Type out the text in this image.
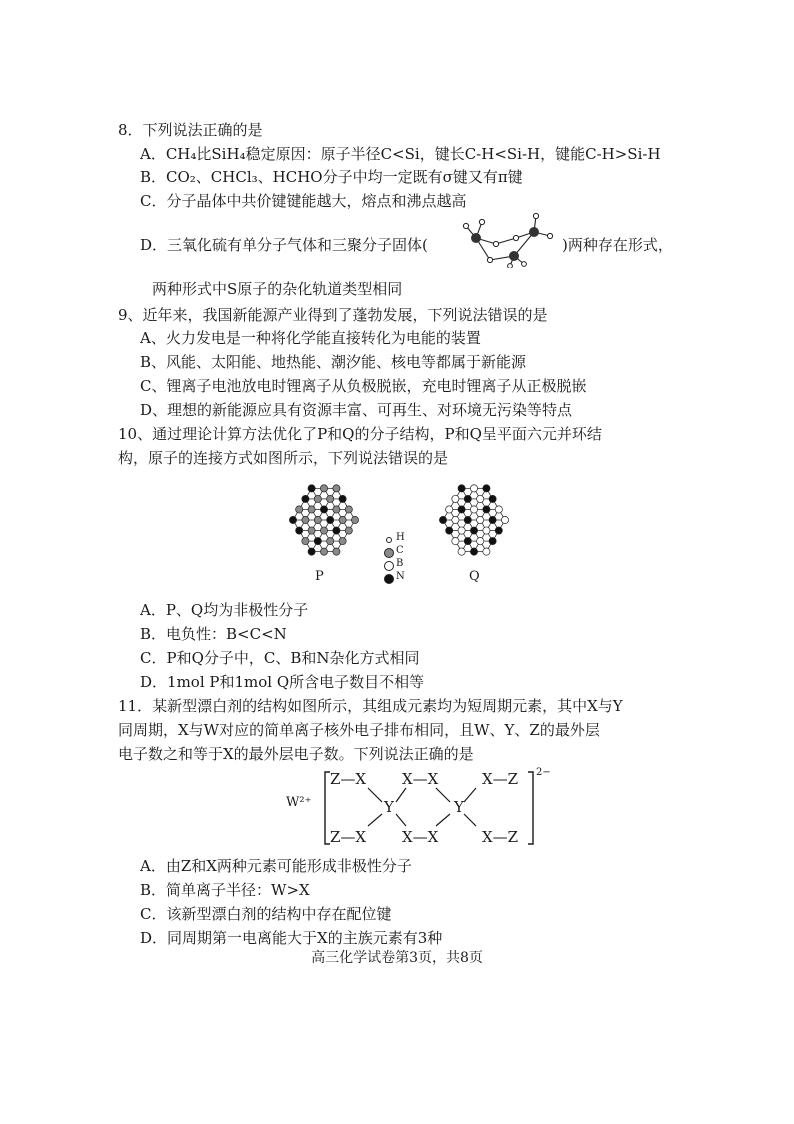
8．下列说法正确的是
A．CH₄比SiH₄稳定原因：原子半径C<Si，键长C-H<Si-H，键能C-H>Si-H
B．CO₂、CHCl₃、HCHO分子中均一定既有σ键又有π键
C．分子晶体中共价键键能越大，熔点和沸点越高
D．三氧化硫有单分子气体和三聚分子固体(	)两种存在形式，
两种形式中S原子的杂化轨道类型相同
9、近年来，我国新能源产业得到了蓬勃发展，下列说法错误的是
A、火力发电是一种将化学能直接转化为电能的装置
B、风能、太阳能、地热能、潮汐能、核电等都属于新能源
C、锂离子电池放电时锂离子从负极脱嵌，充电时锂离子从正极脱嵌
D、理想的新能源应具有资源丰富、可再生、对环境无污染等特点
10、通过理论计算方法优化了P和Q的分子结构，P和Q呈平面六元并环结
构，原子的连接方式如图所示，下列说法错误的是
P	Q
H
C
B
N
A．P、Q均为非极性分子
B．电负性：B<C<N
C．P和Q分子中，C、B和N杂化方式相同
D．1mol P和1mol Q所含电子数目不相等
11．某新型漂白剂的结构如图所示，其组成元素均为短周期元素，其中X与Y
同周期，X与W对应的简单离子核外电子排布相同，且W、Y、Z的最外层
电子数之和等于X的最外层电子数。下列说法正确的是
W²⁺
Z—X X—X	X—Z
Y	Y
Z—X X—X	X—Z
2−
A．由Z和X两种元素可能形成非极性分子
B．简单离子半径：W>X
C．该新型漂白剂的结构中存在配位键
D．同周期第一电离能大于X的主族元素有3种
高三化学试卷第3页，共8页
